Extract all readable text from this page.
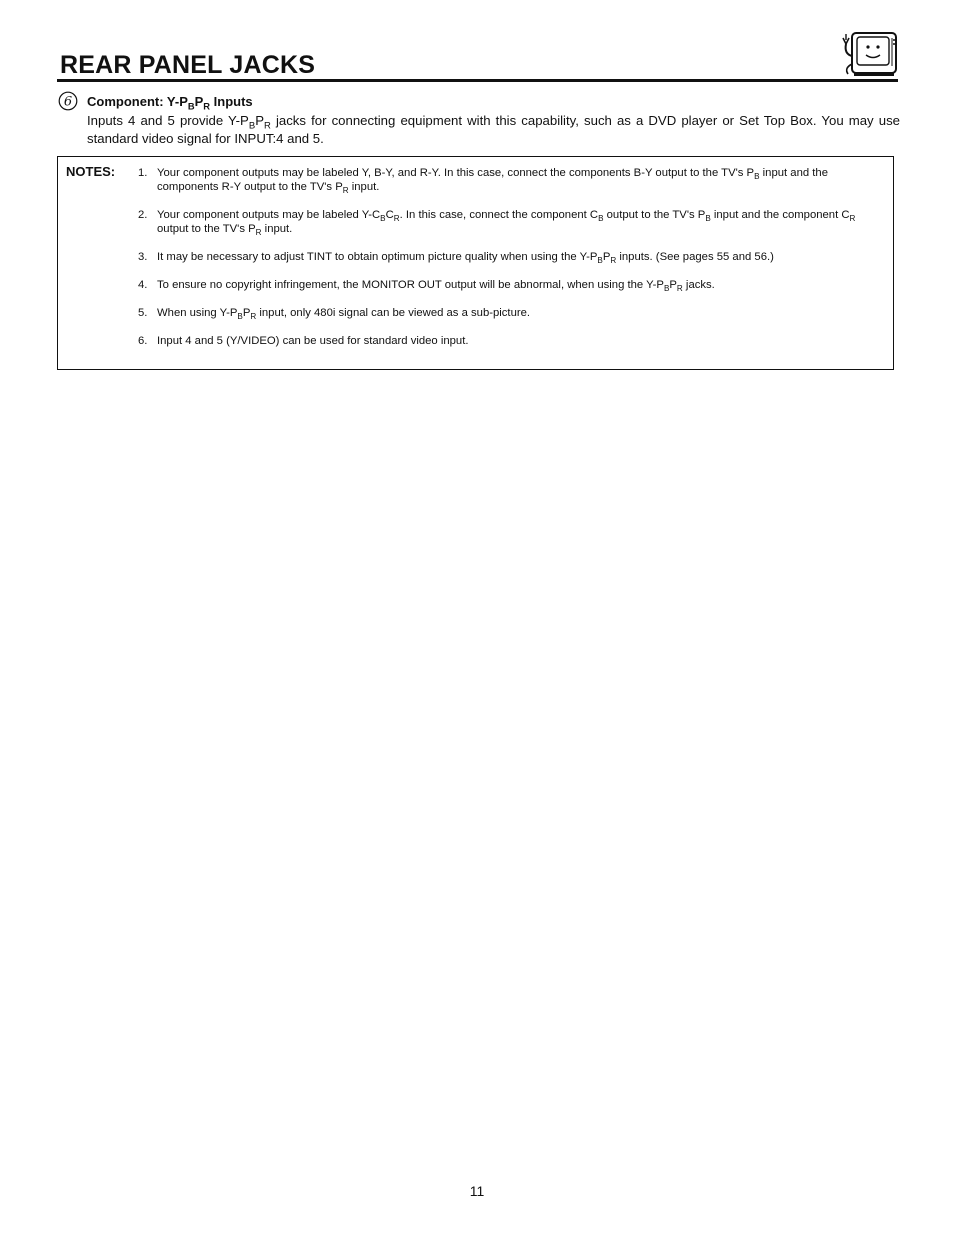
REAR PANEL JACKS
6 Component: $Y-P_BP_R$ Inputs

Inputs 4 and 5 provide $Y-P_BP_R$ jacks for connecting equipment with this capability, such as a DVD player or Set Top Box. You may use standard video signal for INPUT:4 and 5.

NOTES: 1. Your component outputs may be labeled Y, B-Y, and R-Y. In this case, connect the components B-Y output to the TV's $P_B$ input and the components R-Y output to the TV's $P_R$ input.
2. Your component outputs may be labeled $Y-C_BC_R$. In this case, connect the component $C_B$ output to the TV's $P_B$ input and the component $C_R$ output to the TV's $P_R$ input.
3. It may be necessary to adjust TINT to obtain optimum picture quality when using the $Y-P_BP_R$ inputs. (See pages 55 and 56.)
4. To ensure no copyright infringement, the MONITOR OUT output will be abnormal, when using the $Y-P_BP_R$ jacks.
5. When using $Y-P_BP_R$ input, only 480i signal can be viewed as a sub-picture.
6. Input 4 and 5 (Y/VIDEO) can be used for standard video input.
11
